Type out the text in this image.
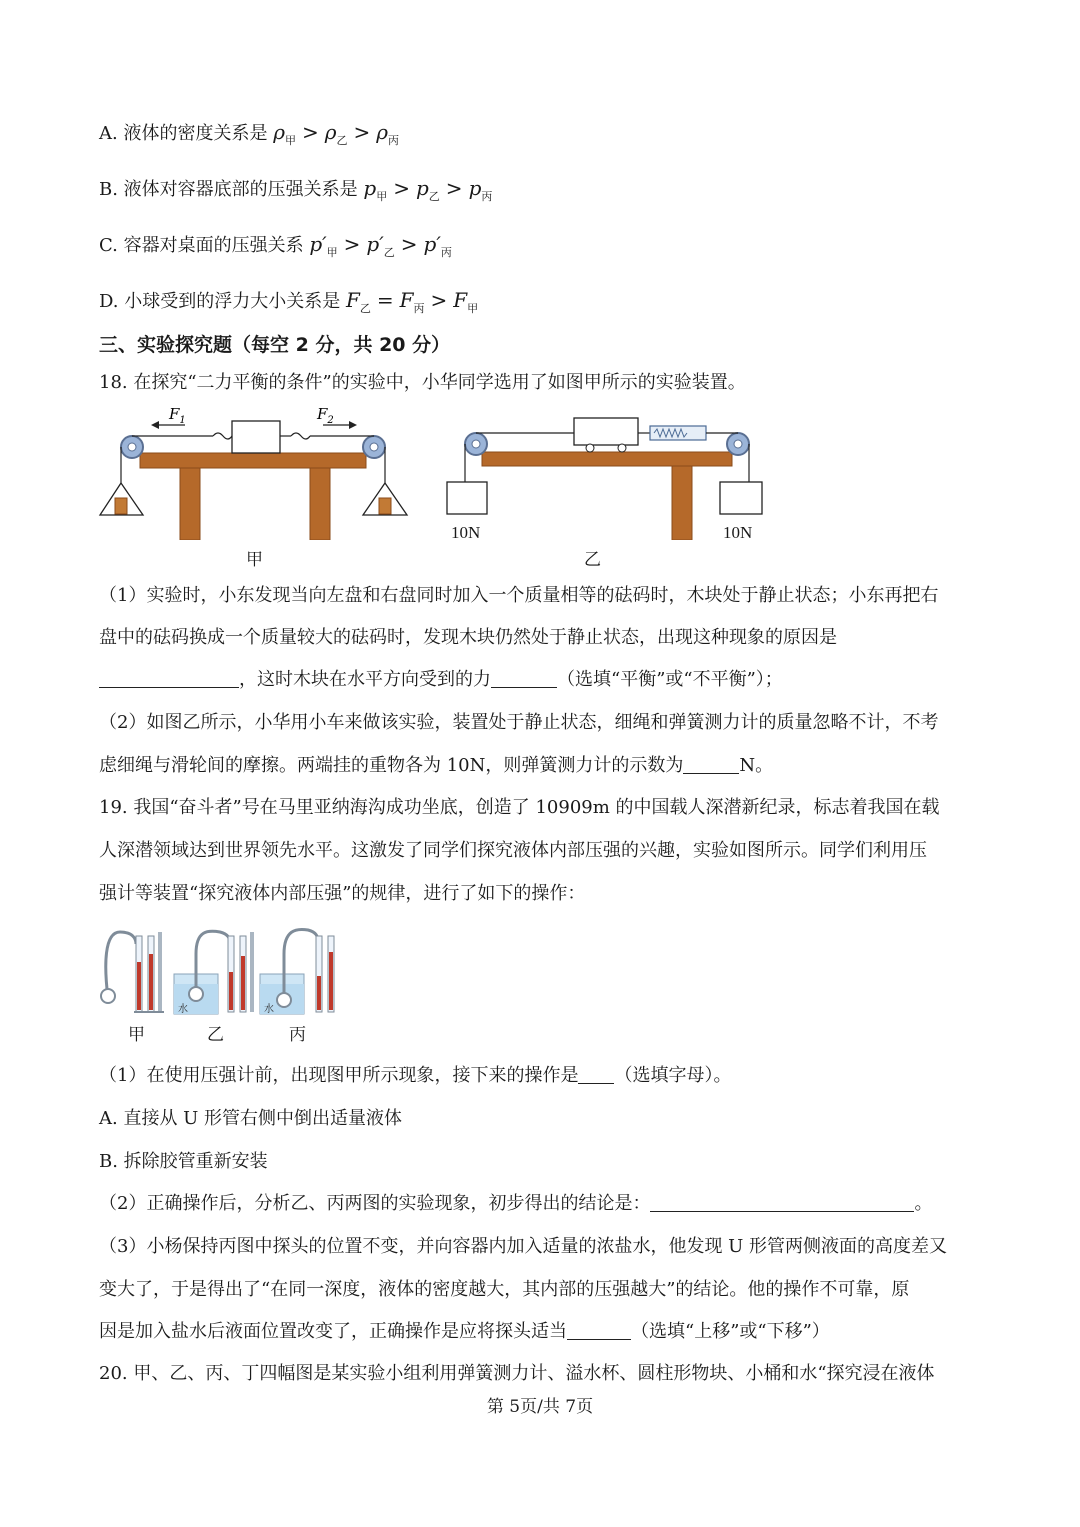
A. 液体的密度关系是 $\rho_甲 > \rho_乙 > \rho_丙$
B. 液体对容器底部的压强关系是 $p_甲 > p_乙 > p_丙$
C. 容器对桌面的压强关系 $p'_甲 > p'_乙 > p'_丙$
D. 小球受到的浮力大小关系是 $F_乙 = F_丙 > F_甲$
三、实验探究题（每空 2 分，共 20 分）
18. 在探究“二力平衡的条件”的实验中，小华同学选用了如图甲所示的实验装置。
$F_1$	$F_2$
甲
10N	10N
乙
（1）实验时，小东发现当向左盘和右盘同时加入一个质量相等的砝码时，木块处于静止状态；小东再把右
盘中的砝码换成一个质量较大的砝码时，发现木块仍然处于静止状态，出现这种现象的原因是
，这时木块在水平方向受到的力	（选填“平衡”或“不平衡”）；
（2）如图乙所示，小华用小车来做该实验，装置处于静止状态，细绳和弹簧测力计的质量忽略不计，不考
虑细绳与滑轮间的摩擦。两端挂的重物各为 10N，则弹簧测力计的示数为	N。
19. 我国“奋斗者”号在马里亚纳海沟成功坐底，创造了 10909m 的中国载人深潜新纪录，标志着我国在载
人深潜领域达到世界领先水平。这激发了同学们探究液体内部压强的兴趣，实验如图所示。同学们利用压
强计等装置“探究液体内部压强”的规律，进行了如下的操作：
水	水
甲	乙	丙
（1）在使用压强计前，出现图甲所示现象，接下来的操作是 （选填字母）。
A. 直接从 U 形管右侧中倒出适量液体
B. 拆除胶管重新安装
（2）正确操作后，分析乙、丙两图的实验现象，初步得出的结论是：	。
（3）小杨保持丙图中探头的位置不变，并向容器内加入适量的浓盐水，他发现 U 形管两侧液面的高度差又
变大了，于是得出了“在同一深度，液体的密度越大，其内部的压强越大”的结论。他的操作不可靠，原
因是加入盐水后液面位置改变了，正确操作是应将探头适当	（选填“上移”或“下移”）
20. 甲、乙、丙、丁四幅图是某实验小组利用弹簧测力计、溢水杯、圆柱形物块、小桶和水“探究浸在液体
第 5页/共 7页
